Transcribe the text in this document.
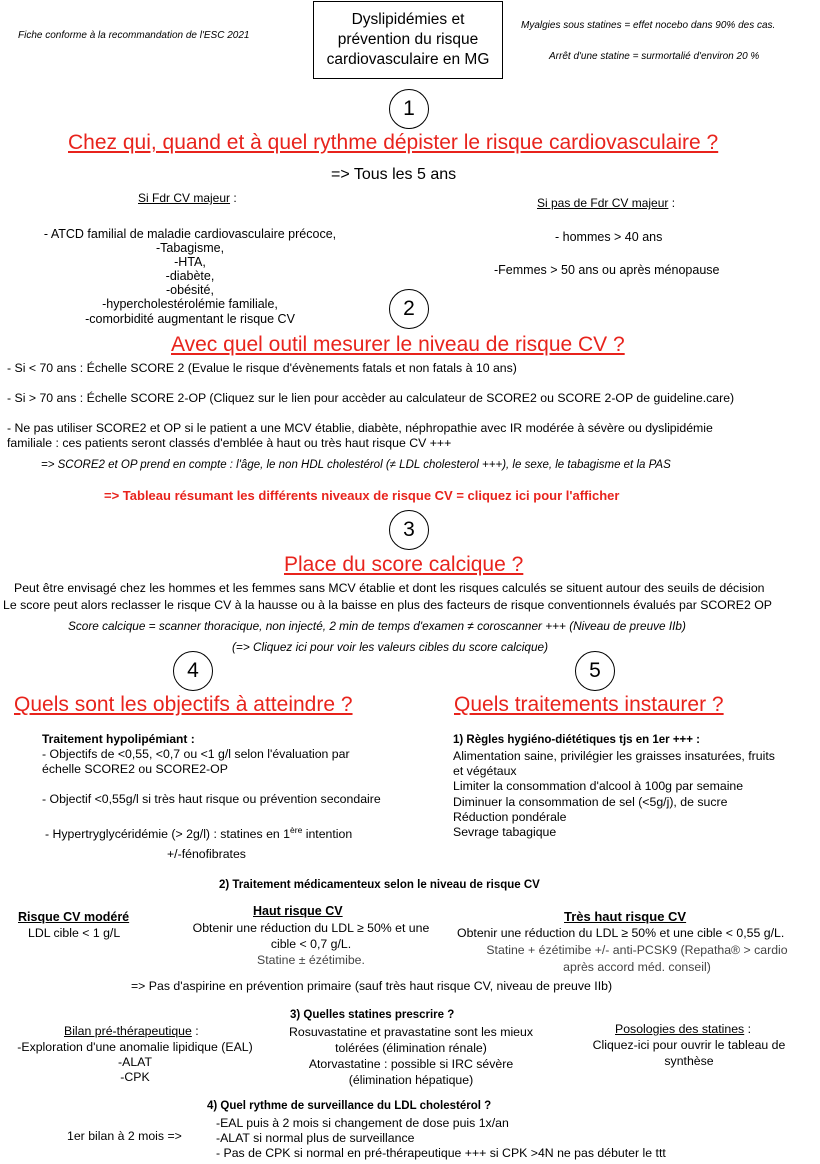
Fiche conforme à la recommandation de l'ESC 2021
Dyslipidémies et
prévention du risque
cardiovasculaire en MG
Myalgies sous statines = effet nocebo dans 90% des cas.
Arrêt d'une statine = surmortalié d'environ 20 %
1
Chez qui, quand et à quel rythme dépister le risque cardiovasculaire ?
=> Tous les 5 ans
Si Fdr CV majeur :
- ATCD familial de maladie cardiovasculaire précoce,
-Tabagisme,
-HTA,
-diabète,
-obésité,
-hypercholestérolémie familiale,
-comorbidité augmentant le risque CV
Si pas de Fdr CV majeur :
- hommes > 40 ans
-Femmes > 50 ans ou après ménopause
2
Avec quel outil mesurer le niveau de risque CV ?
- Si < 70 ans : Échelle SCORE 2 (Evalue le risque d'évènements fatals et non fatals à 10 ans)
- Si > 70 ans : Échelle SCORE 2-OP (Cliquez sur le lien pour accèder au calculateur de SCORE2 ou SCORE 2-OP de guideline.care)
- Ne pas utiliser SCORE2 et OP si le patient a une MCV établie, diabète, néphropathie avec IR modérée à sévère ou dyslipidémie
familiale : ces patients seront classés d'emblée à haut ou très haut risque CV +++
=> SCORE2 et OP prend en compte : l'âge, le non HDL cholestérol (≠ LDL cholesterol +++), le sexe, le tabagisme et la PAS
=> Tableau résumant les différents niveaux de risque CV = cliquez ici pour l'afficher
3
Place du score calcique ?
Peut être envisagé chez les hommes et les femmes sans MCV établie et dont les risques calculés se situent autour des seuils de décision
Le score peut alors reclasser le risque CV à la hausse ou à la baisse en plus des facteurs de risque conventionnels évalués par SCORE2 OP
Score calcique = scanner thoracique, non injecté, 2 min de temps d'examen ≠ coroscanner +++ (Niveau de preuve IIb)
(=> Cliquez ici pour voir les valeurs cibles du score calcique)
4
Quels sont les objectifs à atteindre ?
Traitement hypolipémiant :
- Objectifs de <0,55, <0,7 ou <1 g/l selon l'évaluation par
échelle SCORE2 ou SCORE2-OP
- Objectif <0,55g/l si très haut risque ou prévention secondaire
- Hypertryglycéridémie (> 2g/l) : statines en 1ère intention
+/-fénofibrates
5
Quels traitements instaurer ?
1) Règles hygiéno-diététiques tjs en 1er +++ :
Alimentation saine, privilégier les graisses insaturées, fruits
et végétaux
Limiter la consommation d'alcool à 100g par semaine
Diminuer la consommation de sel (<5g/j), de sucre
Réduction pondérale
Sevrage tabagique
2) Traitement médicamenteux selon le niveau de risque CV
Risque CV modéré
LDL cible < 1 g/L
Haut risque CV
Obtenir une réduction du LDL ≥ 50% et une
cible < 0,7 g/L.
Statine ± ézétimibe.
Très haut risque CV
Obtenir une réduction du LDL ≥ 50% et une cible < 0,55 g/L.
Statine + ézétimibe +/- anti-PCSK9 (Repatha® > cardio
après accord méd. conseil)
=> Pas d'aspirine en prévention primaire (sauf très haut risque CV, niveau de preuve IIb)
3) Quelles statines prescrire ?
Bilan pré-thérapeutique :
-Exploration d'une anomalie lipidique (EAL)
-ALAT
-CPK
Rosuvastatine et pravastatine sont les mieux
tolérées (élimination rénale)
Atorvastatine : possible si IRC sévère
(élimination hépatique)
Posologies des statines :
Cliquez-ici pour ouvrir le tableau de
synthèse
4) Quel rythme de surveillance du LDL cholestérol ?
1er bilan à 2 mois =>
-EAL puis à 2 mois si changement de dose puis 1x/an
-ALAT si normal plus de surveillance
- Pas de CPK si normal en pré-thérapeutique +++ si CPK >4N ne pas débuter le ttt
